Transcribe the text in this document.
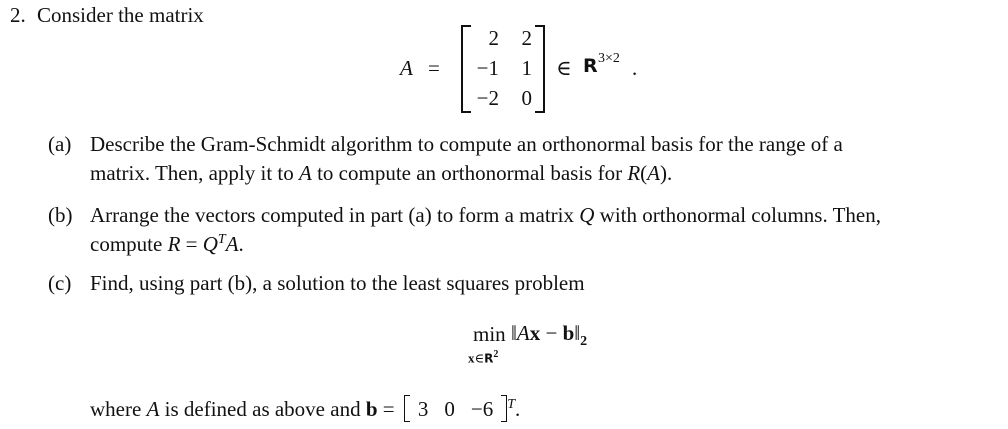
2. Consider the matrix
A =
2	2
−1	1
−2	0
∈ R 3×2 .
(a) Describe the Gram-Schmidt algorithm to compute an orthonormal basis for the range of a
matrix. Then, apply it to A to compute an orthonormal basis for R(A).
(b) Arrange the vectors computed in part (a) to form a matrix Q with orthonormal columns. Then,
compute $R = Q^TA$.
(c) Find, using part (b), a solution to the least squares problem
min
$x\in R^2$
‖Ax − $b‖_2$
where A is defined as above and b = 3 0 −6 $^T$.
